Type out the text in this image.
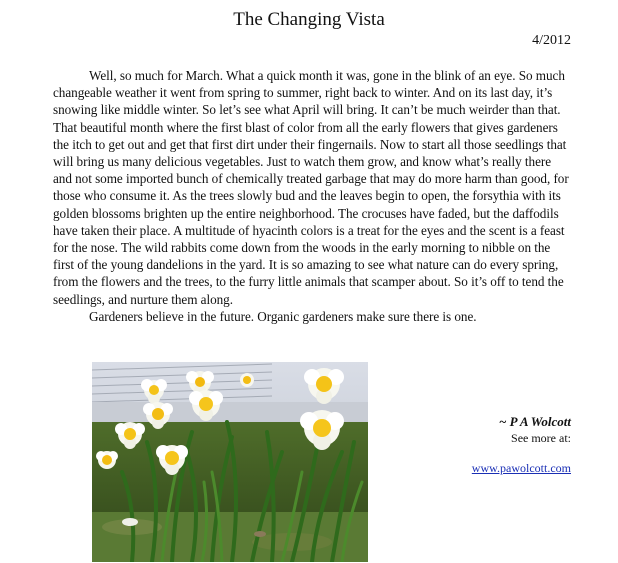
The Changing Vista
4/2012

Well, so much for March. What a quick month it was, gone in the blink of an eye. So much changeable weather it went from spring to summer, right back to winter. And on its last day, it’s snowing like middle winter. So let’s see what April will bring. It can’t be much weirder than that. That beautiful month where the first blast of color from all the early flowers that gives gardeners the itch to get out and get that first dirt under their fingernails. Now to start all those seedlings that will bring us many delicious vegetables. Just to watch them grow, and know what’s really there and not some imported bunch of chemically treated garbage that may do more harm than good, for those who consume it. As the trees slowly bud and the leaves begin to open, the forsythia with its golden blossoms brighten up the entire neighborhood. The crocuses have faded, but the daffodils have taken their place. A multitude of hyacinth colors is a treat for the eyes and the scent is a feast for the nose. The wild rabbits come down from the woods in the early morning to nibble on the first of the young dandelions in the yard. It is so amazing to see what nature can do every spring, from the flowers and the trees, to the furry little animals that scamper about. So it’s off to tend the seedlings, and nurture them along.

Gardeners believe in the future. Organic gardeners make sure there is one.

~ P A Wolcott
See more at:
www.pawolcott.com
